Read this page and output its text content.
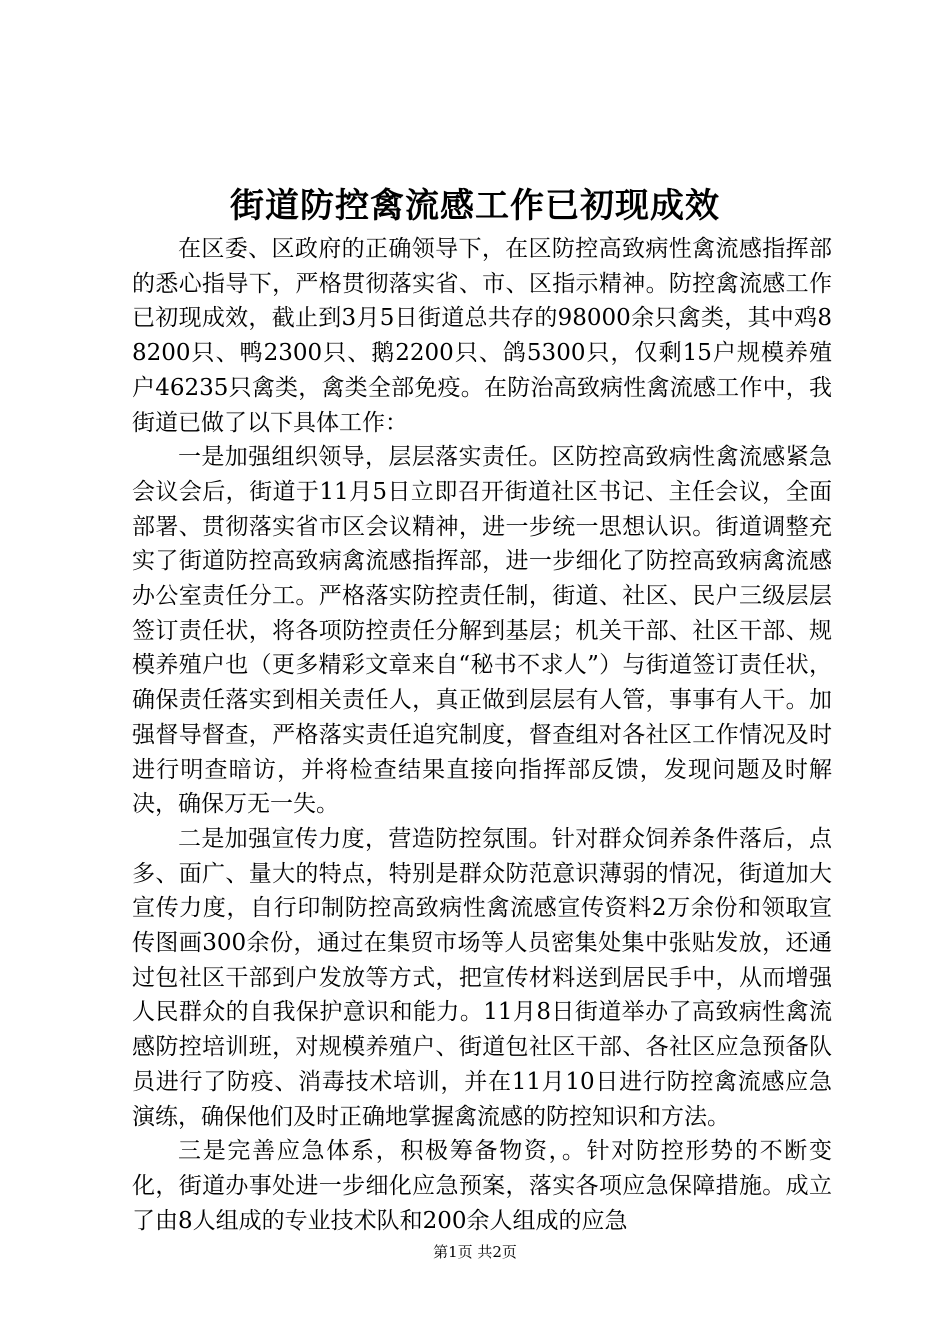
街道防控禽流感工作已初现成效

在区委、区政府的正确领导下，在区防控高致病性禽流感指挥部的悉心指导下，严格贯彻落实省、市、区指示精神。防控禽流感工作已初现成效，截止到3月5日街道总共存的98000余只禽类，其中鸡88200只、鸭2300只、鹅2200只、鸽5300只，仅剩15户规模养殖户46235只禽类，禽类全部免疫。在防治高致病性禽流感工作中，我街道已做了以下具体工作：

一是加强组织领导，层层落实责任。区防控高致病性禽流感紧急会议会后，街道于11月5日立即召开街道社区书记、主任会议，全面部署、贯彻落实省市区会议精神，进一步统一思想认识。街道调整充实了街道防控高致病禽流感指挥部，进一步细化了防控高致病禽流感办公室责任分工。严格落实防控责任制，街道、社区、民户三级层层签订责任状，将各项防控责任分解到基层；机关干部、社区干部、规模养殖户也（更多精彩文章来自“秘书不求人”）与街道签订责任状，确保责任落实到相关责任人，真正做到层层有人管，事事有人干。加强督导督查，严格落实责任追究制度，督查组对各社区工作情况及时进行明查暗访，并将检查结果直接向指挥部反馈，发现问题及时解决，确保万无一失。

二是加强宣传力度，营造防控氛围。针对群众饲养条件落后，点多、面广、量大的特点，特别是群众防范意识薄弱的情况，街道加大宣传力度，自行印制防控高致病性禽流感宣传资料2万余份和领取宣传图画300余份，通过在集贸市场等人员密集处集中张贴发放，还通过包社区干部到户发放等方式，把宣传材料送到居民手中，从而增强人民群众的自我保护意识和能力。11月8日街道举办了高致病性禽流感防控培训班，对规模养殖户、街道包社区干部、各社区应急预备队员进行了防疫、消毒技术培训，并在11月10日进行防控禽流感应急演练，确保他们及时正确地掌握禽流感的防控知识和方法。

三是完善应急体系，积极筹备物资，。针对防控形势的不断变化，街道办事处进一步细化应急预案，落实各项应急保障措施。成立了由8人组成的专业技术队和200余人组成的应急

第1页 共2页
